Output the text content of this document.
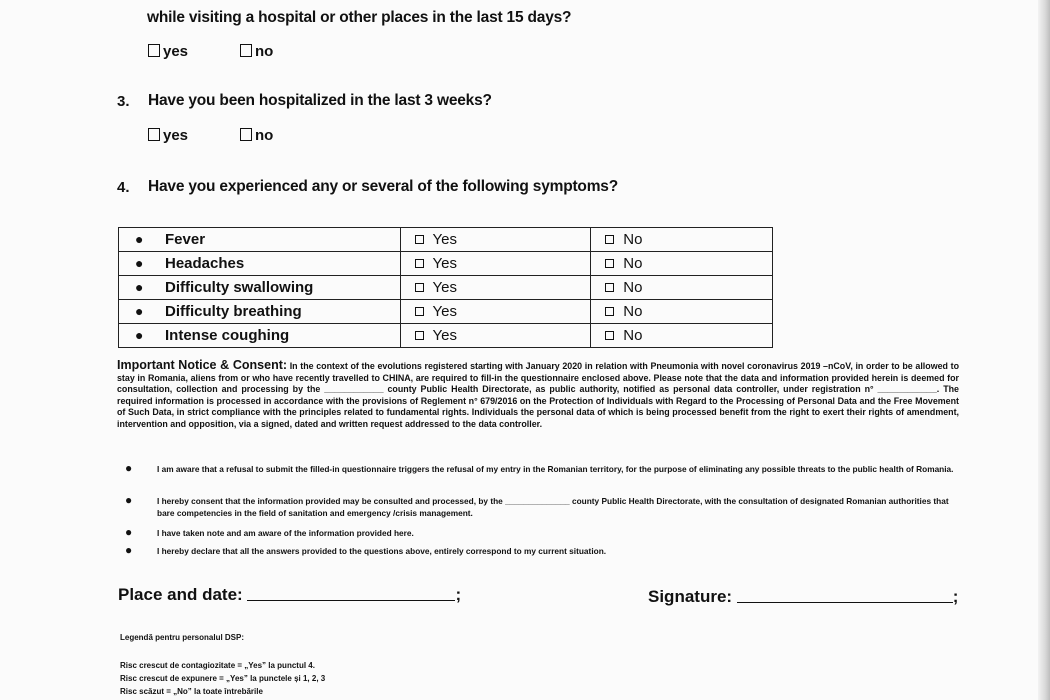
while visiting a hospital or other places in the last 15 days?
yes	no
3. Have you been hospitalized in the last 3 weeks?
yes	no
4. Have you experienced any or several of the following symptoms?
● Fever	Yes	No

● Headaches	Yes	No

● Difficulty swallowing	Yes	No

● Difficulty breathing	Yes	No

● Intense coughing	Yes	No
Important Notice & Consent: In the context of the evolutions registered starting with January 2020 in relation with Pneumonia with novel coronavirus 2019 –nCoV, in order to be allowed to stay in Romania, aliens from or who have recently travelled to CHINA, are required to fill-in the questionnaire enclosed above. Please note that the data and information provided herein is deemed for consultation, collection and processing by the ____________ county Public Health Directorate, as public authority, notified as personal data controller, under registration n° ____________. The required information is processed in accordance with the provisions of Reglement n° 679/2016 on the Protection of Individuals with Regard to the Processing of Personal Data and the Free Movement of Such Data, in strict compliance with the principles related to fundamental rights. Individuals the personal data of which is being processed benefit from the right to exert their rights of amendment, intervention and opposition, via a signed, dated and written request addressed to the data controller.
●	I am aware that a refusal to submit the filled-in questionnaire triggers the refusal of my entry in the Romanian territory, for the purpose of eliminating any possible threats to the public health of Romania.
●	I hereby consent that the information provided may be consulted and processed, by the ______________ county Public Health Directorate, with the consultation of designated Romanian authorities that bare competencies in the field of sanitation and emergency /crisis management.
●	I have taken note and am aware of the information provided here.
●	I hereby declare that all the answers provided to the questions above, entirely correspond to my current situation.
Place and date:	;	Signature:	;
Legendă pentru personalul DSP:
Risc crescut de contagiozitate = „Yes” la punctul 4.
Risc crescut de expunere = „Yes” la punctele și 1, 2, 3
Risc scăzut = „No” la toate întrebările
